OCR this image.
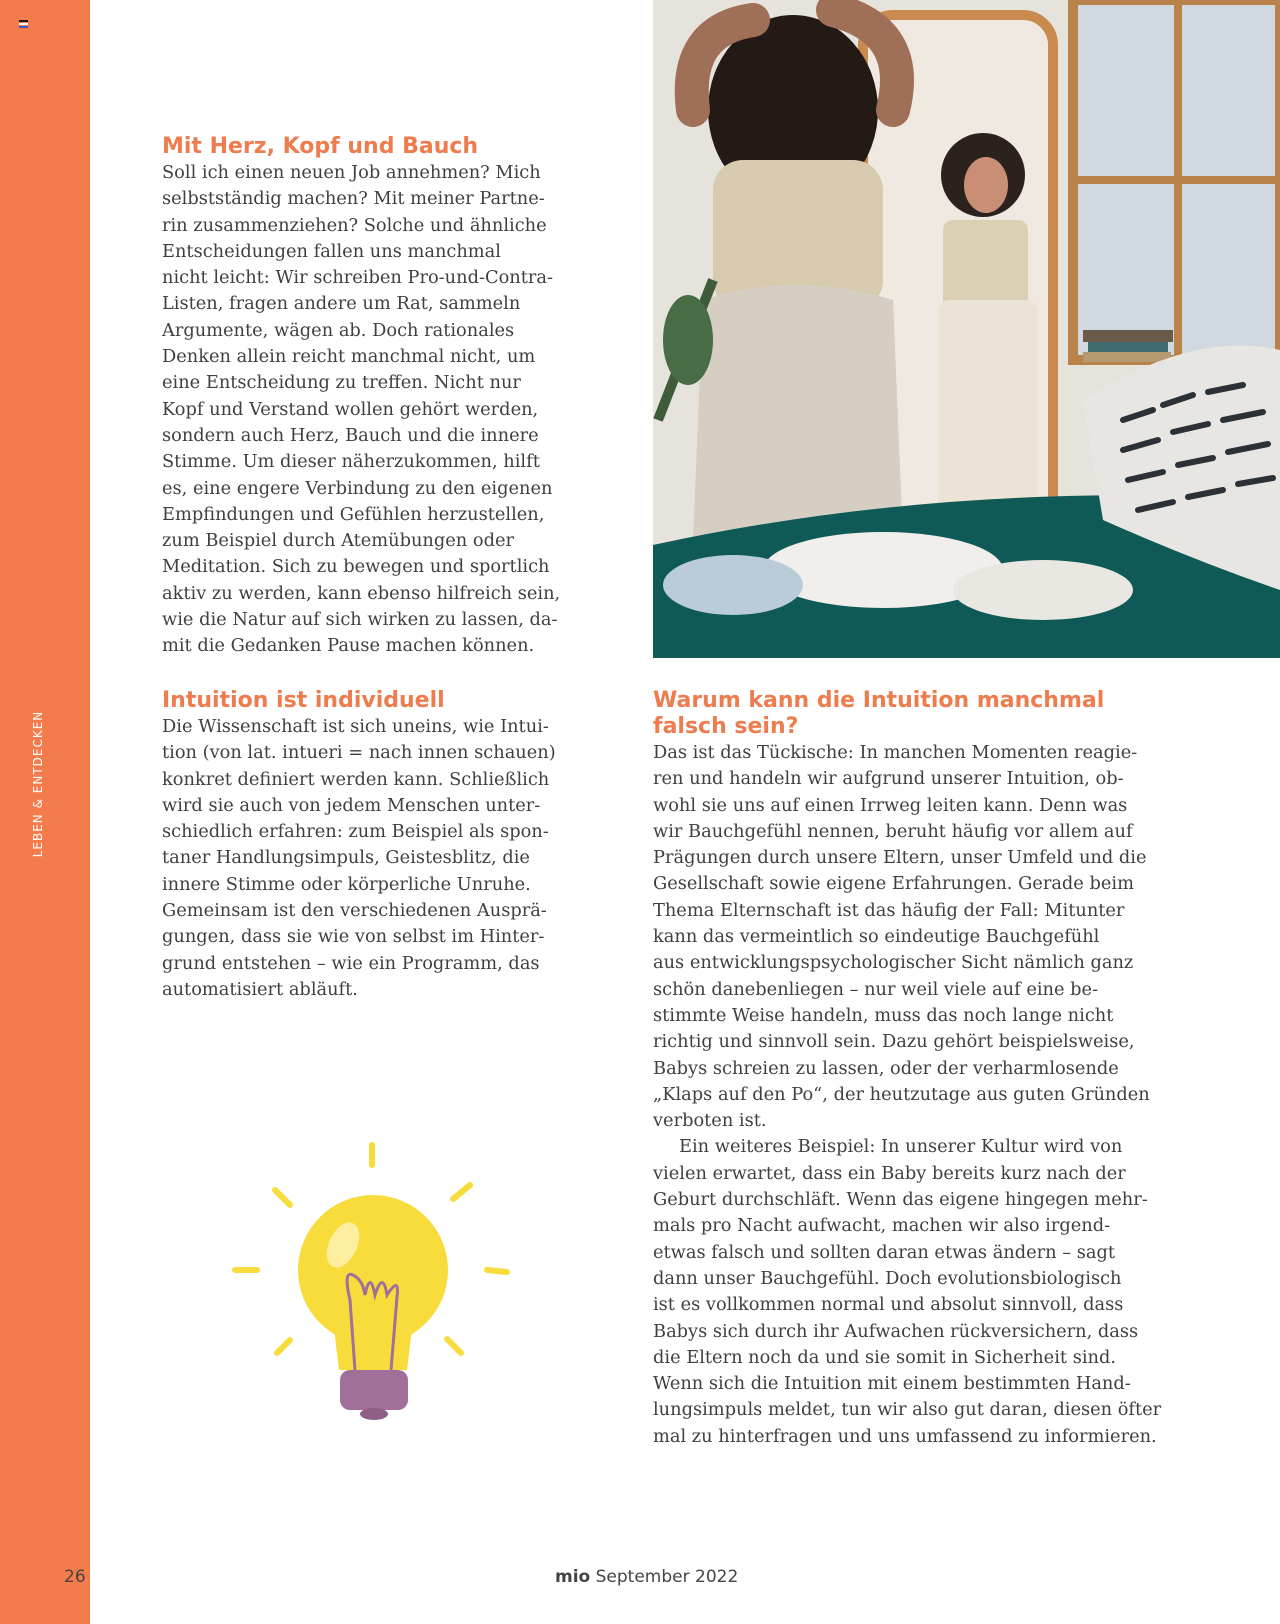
LEBEN & ENTDECKEN
26
Mit Herz, Kopf und Bauch

Soll ich einen neuen Job annehmen? Mich
selbstständig machen? Mit meiner Partne-
rin zusammenziehen? Solche und ähnliche
Entscheidungen fallen uns manchmal
nicht leicht: Wir schreiben Pro-und-Contra-
Listen, fragen andere um Rat, sammeln
Argumente, wägen ab. Doch rationales
Denken allein reicht manchmal nicht, um
eine Entscheidung zu treffen. Nicht nur
Kopf und Verstand wollen gehört werden,
sondern auch Herz, Bauch und die innere
Stimme. Um dieser näherzukommen, hilft
es, eine engere Verbindung zu den eigenen
Empfindungen und Gefühlen herzustellen,
zum Beispiel durch Atemübungen oder
Meditation. Sich zu bewegen und sportlich
aktiv zu werden, kann ebenso hilfreich sein,
wie die Natur auf sich wirken zu lassen, da-
mit die Gedanken Pause machen können.

Intuition ist individuell

Die Wissenschaft ist sich uneins, wie Intui-
tion (von lat. intueri = nach innen schauen)
konkret definiert werden kann. Schließlich
wird sie auch von jedem Menschen unter-
schiedlich erfahren: zum Beispiel als spon-
taner Handlungsimpuls, Geistesblitz, die
innere Stimme oder körperliche Unruhe.
Gemeinsam ist den verschiedenen Ausprä-
gungen, dass sie wie von selbst im Hinter-
grund entstehen – wie ein Programm, das
automatisiert abläuft.

Warum kann die Intuition manchmal
falsch sein?

Das ist das Tückische: In manchen Momenten reagie-
ren und handeln wir aufgrund unserer Intuition, ob-
wohl sie uns auf einen Irrweg leiten kann. Denn was
wir Bauchgefühl nennen, beruht häufig vor allem auf
Prägungen durch unsere Eltern, unser Umfeld und die
Gesellschaft sowie eigene Erfahrungen. Gerade beim
Thema Elternschaft ist das häufig der Fall: Mitunter
kann das vermeintlich so eindeutige Bauchgefühl
aus entwicklungspsychologischer Sicht nämlich ganz
schön danebenliegen – nur weil viele auf eine be-
stimmte Weise handeln, muss das noch lange nicht
richtig und sinnvoll sein. Dazu gehört beispielsweise,
Babys schreien zu lassen, oder der verharmlosende
„Klaps auf den Po“, der heutzutage aus guten Gründen
verboten ist.

Ein weiteres Beispiel: In unserer Kultur wird von
vielen erwartet, dass ein Baby bereits kurz nach der
Geburt durchschläft. Wenn das eigene hingegen mehr-
mals pro Nacht aufwacht, machen wir also irgend-
etwas falsch und sollten daran etwas ändern – sagt
dann unser Bauchgefühl. Doch evolutionsbiologisch
ist es vollkommen normal und absolut sinnvoll, dass
Babys sich durch ihr Aufwachen rückversichern, dass
die Eltern noch da und sie somit in Sicherheit sind.
Wenn sich die Intuition mit einem bestimmten Hand-
lungsimpuls meldet, tun wir also gut daran, diesen öfter
mal zu hinterfragen und uns umfassend zu informieren.

mio September 2022
